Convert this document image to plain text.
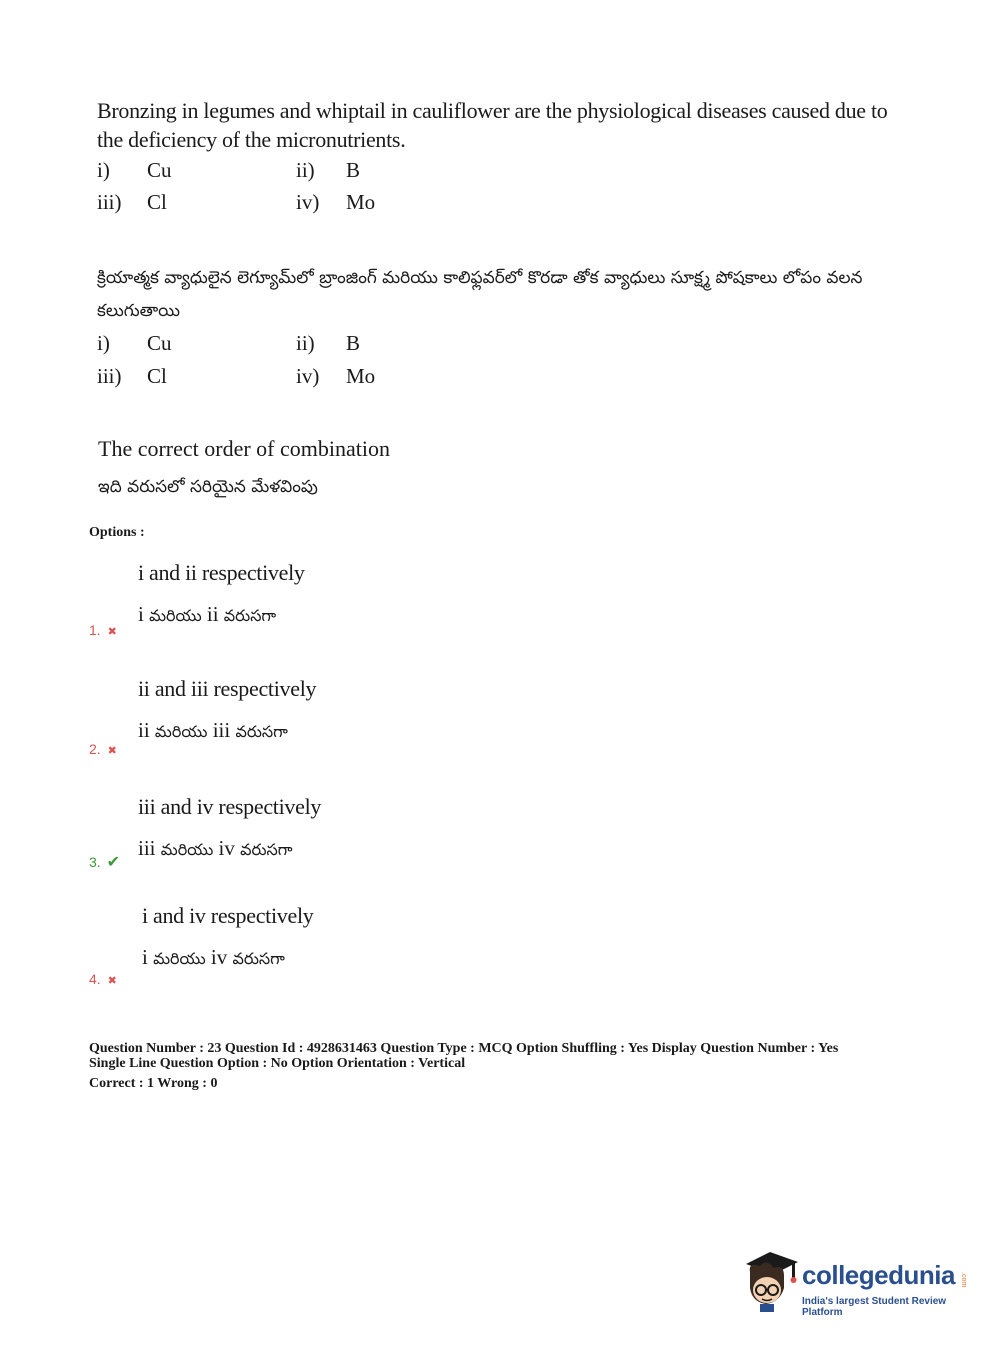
Bronzing in legumes and whiptail in cauliflower are the physiological diseases caused due to the deficiency of the micronutrients.
i) Cu	ii) B
iii) Cl	iv) Mo
క్రియాత్మక వ్యాధులైన లెగ్యూమ్‌లో బ్రాంజింగ్ మరియు కాలిఫ్లవర్‌లో కొరడా తోక వ్యాధులు సూక్ష్మ పోషకాలు లోపం వలన కలుగుతాయి
i) Cu	ii) B
iii) Cl	iv) Mo
The correct order of combination
ఇది వరుసలో సరియైన మేళవింపు
Options :
i and ii respectively
i మరియు ii వరుసగా
1. ✖
ii and iii respectively
ii మరియు iii వరుసగా
2. ✖
iii and iv respectively
iii మరియు iv వరుసగా
3. ✔
i and iv respectively
i మరియు iv వరుసగా
4. ✖
Question Number : 23 Question Id : 4928631463 Question Type : MCQ Option Shuffling : Yes Display Question Number : Yes
Single Line Question Option : No Option Orientation : Vertical
Correct : 1 Wrong : 0
collegedunia .com
India's largest Student Review Platform
